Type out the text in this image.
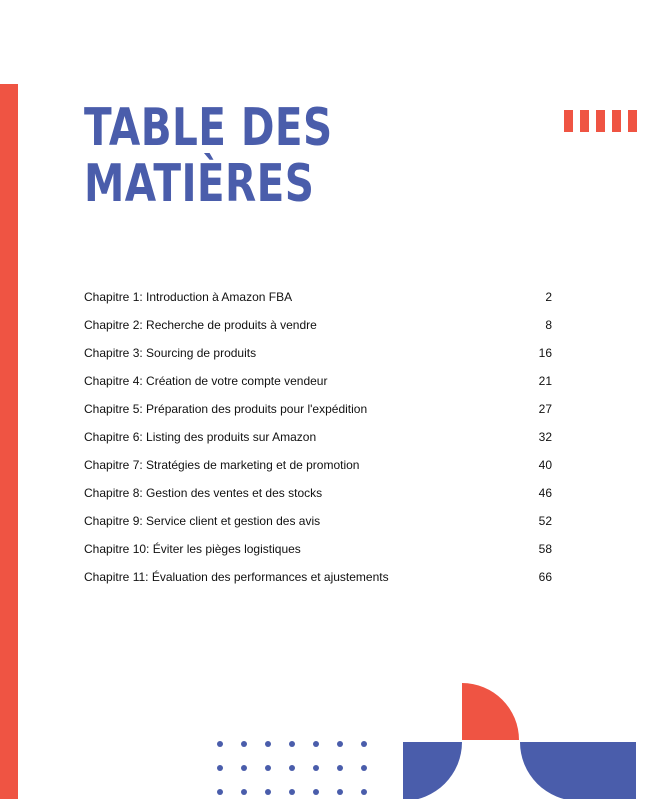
TABLE DES
MATIÈRES
Chapitre 1: Introduction à Amazon FBA	2
Chapitre 2: Recherche de produits à vendre	8
Chapitre 3: Sourcing de produits	16
Chapitre 4: Création de votre compte vendeur	21
Chapitre 5: Préparation des produits pour l'expédition	27
Chapitre 6: Listing des produits sur Amazon	32
Chapitre 7: Stratégies de marketing et de promotion	40
Chapitre 8: Gestion des ventes et des stocks	46
Chapitre 9: Service client et gestion des avis	52
Chapitre 10: Éviter les pièges logistiques	58
Chapitre 11: Évaluation des performances et ajustements	66
